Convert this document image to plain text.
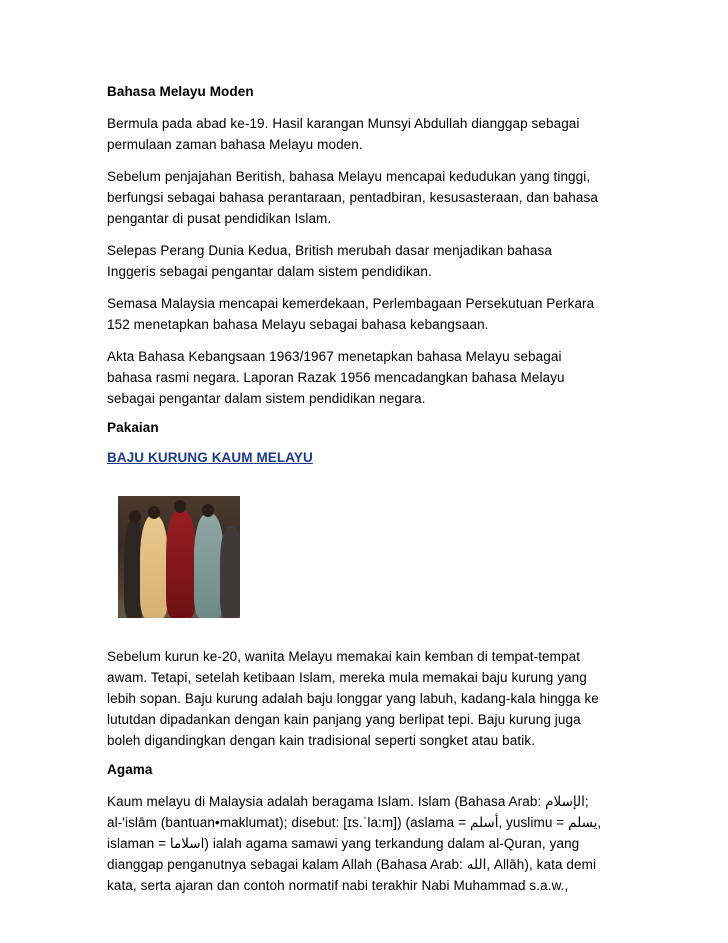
Bahasa Melayu Moden

Bermula pada abad ke-19. Hasil karangan Munsyi Abdullah dianggap sebagai
permulaan zaman bahasa Melayu moden.

Sebelum penjajahan Beritish, bahasa Melayu mencapai kedudukan yang tinggi,
berfungsi sebagai bahasa perantaraan, pentadbiran, kesusasteraan, dan bahasa
pengantar di pusat pendidikan Islam.

Selepas Perang Dunia Kedua, British merubah dasar menjadikan bahasa
Inggeris sebagai pengantar dalam sistem pendidikan.

Semasa Malaysia mencapai kemerdekaan, Perlembagaan Persekutuan Perkara
152 menetapkan bahasa Melayu sebagai bahasa kebangsaan.

Akta Bahasa Kebangsaan 1963/1967 menetapkan bahasa Melayu sebagai
bahasa rasmi negara. Laporan Razak 1956 mencadangkan bahasa Melayu
sebagai pengantar dalam sistem pendidikan negara.

Pakaian
BAJU KURUNG KAUM MELAYU

Sebelum kurun ke-20, wanita Melayu memakai kain kemban di tempat-tempat
awam. Tetapi, setelah ketibaan Islam, mereka mula memakai baju kurung yang
lebih sopan. Baju kurung adalah baju longgar yang labuh, kadang-kala hingga ke
lututdan dipadankan dengan kain panjang yang berlipat tepi. Baju kurung juga
boleh digandingkan dengan kain tradisional seperti songket atau batik.

Agama

Kaum melayu di Malaysia adalah beragama Islam. Islam (Bahasa Arab: الإسلام;
al-'islām (bantuan•maklumat); disebut: [ɪs.ˈla:m]) (aslama = أسلم, yuslimu = يسلم,
islaman = اسلاما) ialah agama samawi yang terkandung dalam al-Quran, yang
dianggap penganutnya sebagai kalam Allah (Bahasa Arab: الله, Allāh), kata demi
kata, serta ajaran dan contoh normatif nabi terakhir Nabi Muhammad s.a.w.,
